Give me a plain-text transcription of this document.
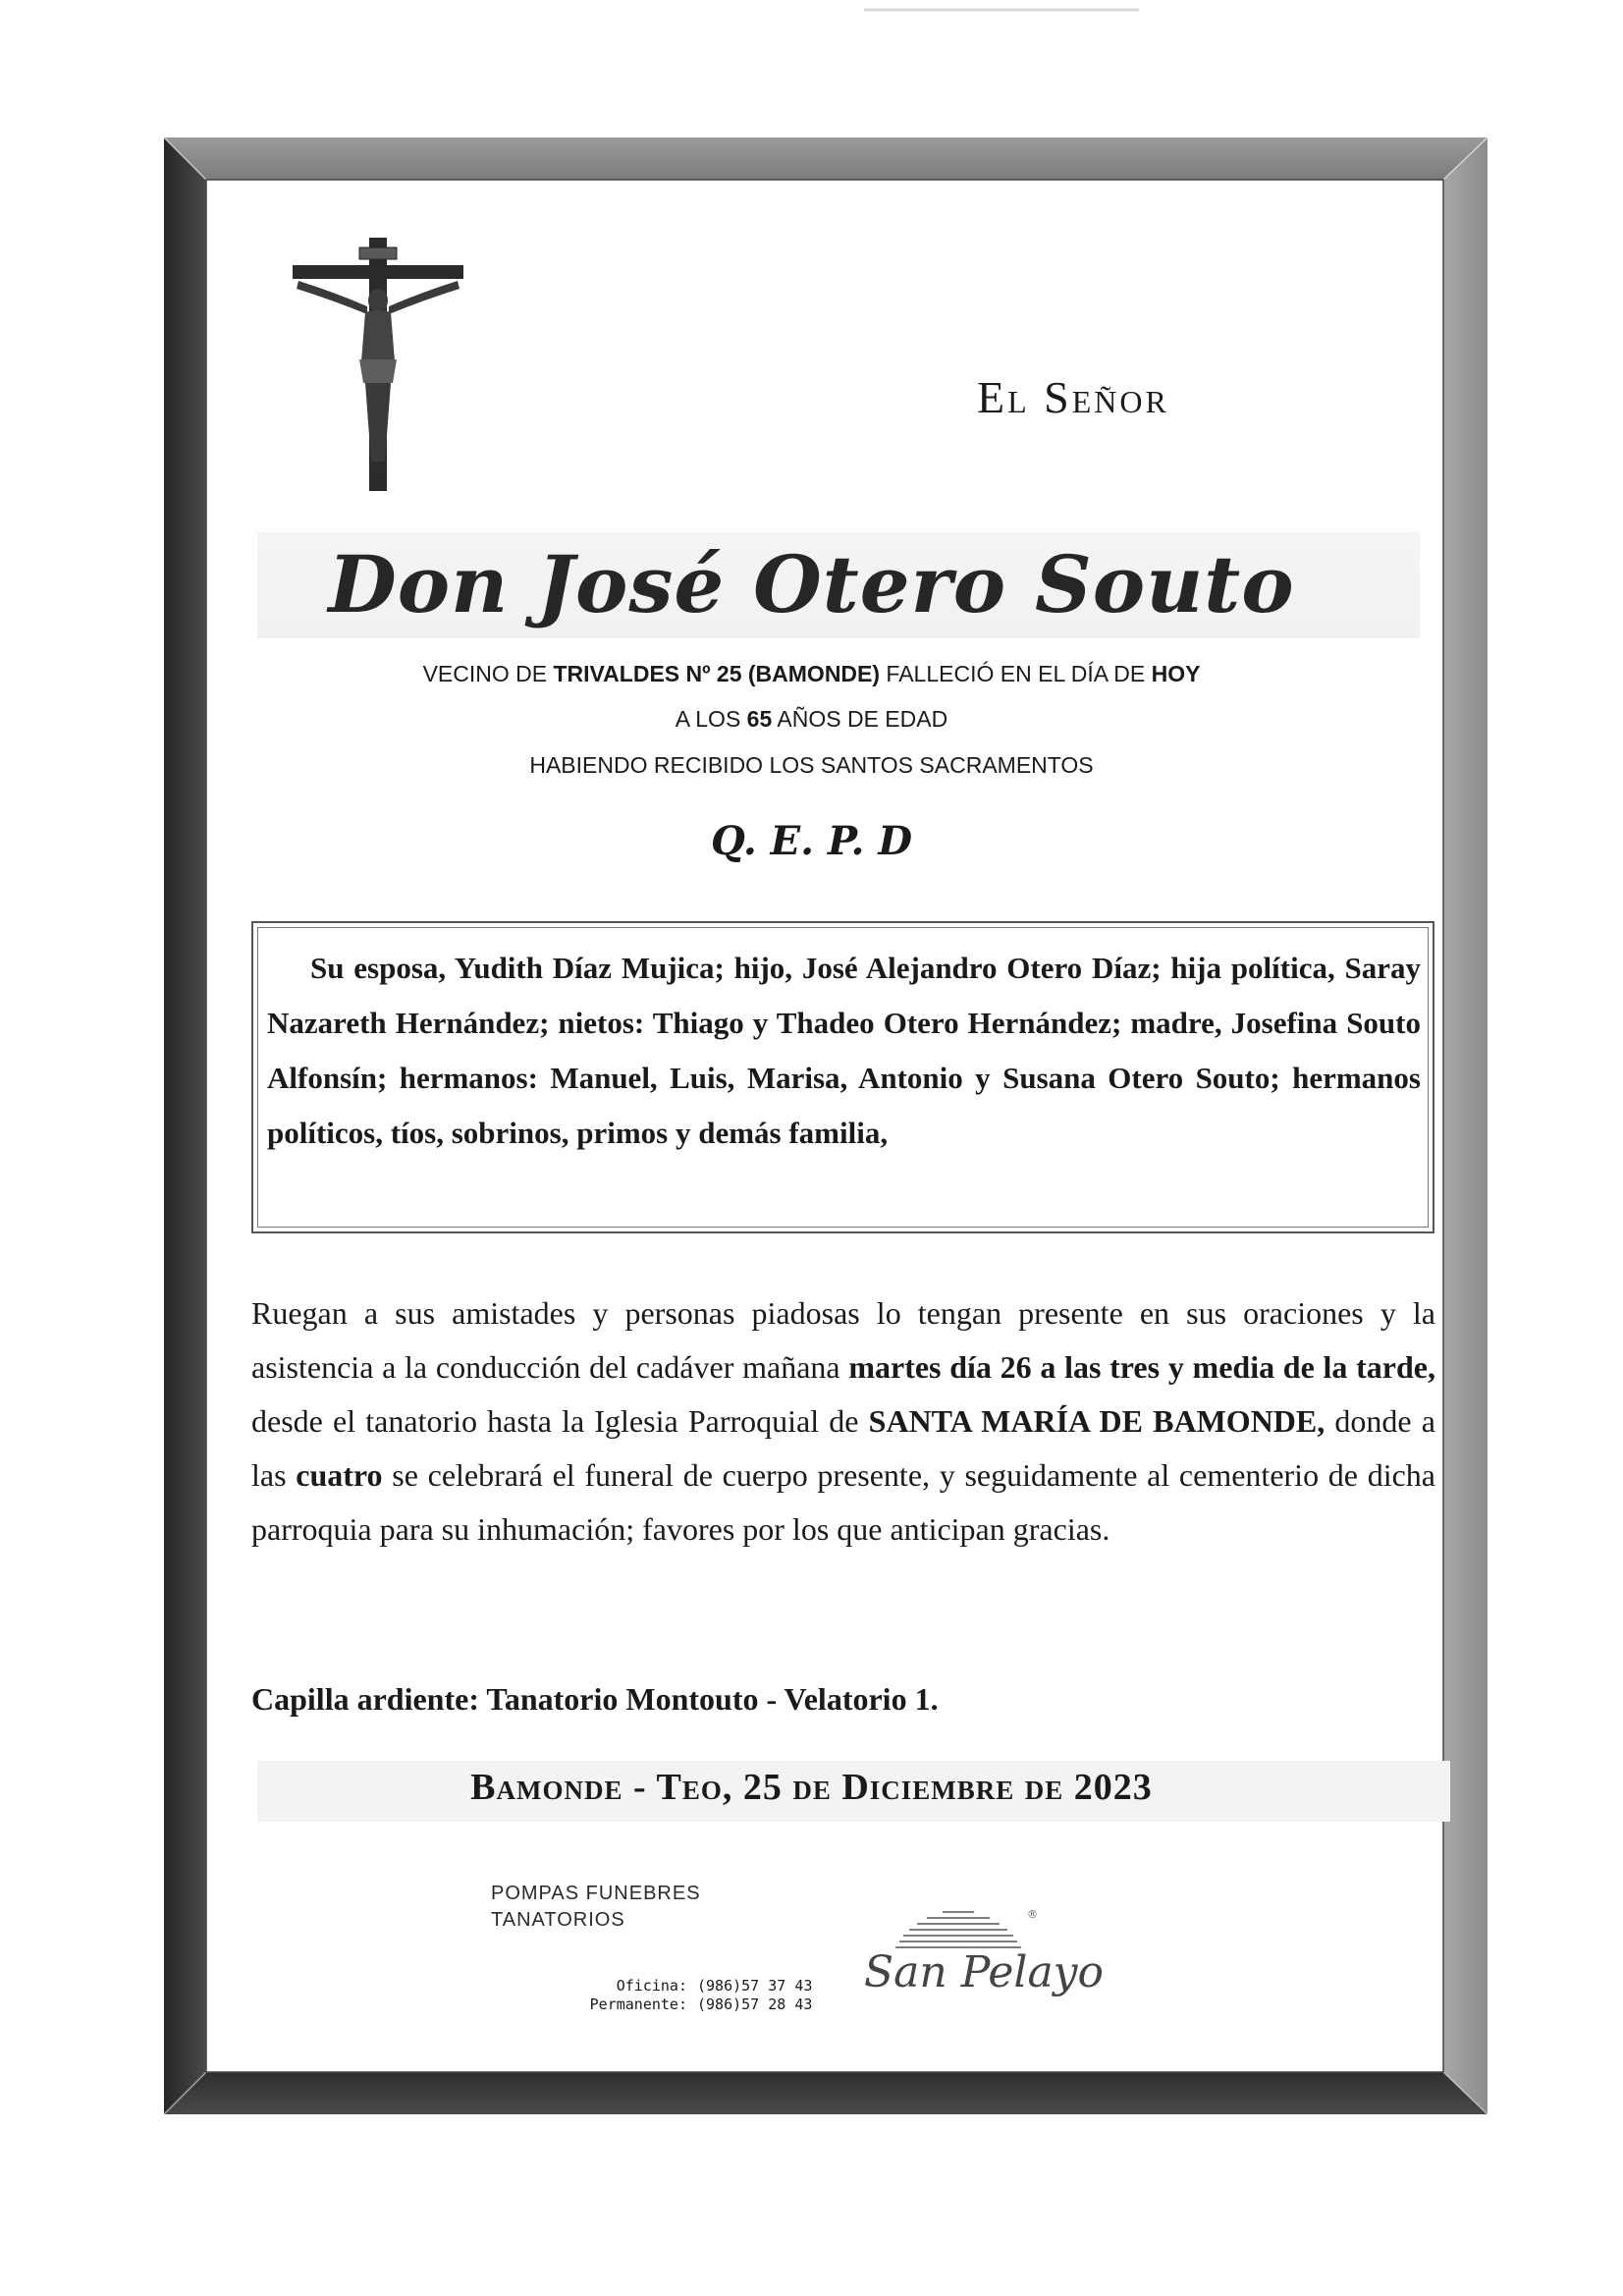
El Señor
Don José Otero Souto
VECINO DE TRIVALDES Nº 25 (BAMONDE) FALLECIÓ EN EL DÍA DE HOY
A LOS 65 AÑOS DE EDAD
HABIENDO RECIBIDO LOS SANTOS SACRAMENTOS
Q. E. P. D
Su esposa, Yudith Díaz Mujica; hijo, José Alejandro Otero Díaz; hija política, Saray Nazareth Hernández; nietos: Thiago y Thadeo Otero Hernández; madre, Josefina Souto Alfonsín; hermanos: Manuel, Luis, Marisa, Antonio y Susana Otero Souto; hermanos políticos, tíos, sobrinos, primos y demás familia,
Ruegan a sus amistades y personas piadosas lo tengan presente en sus oraciones y la asistencia a la conducción del cadáver mañana martes día 26 a las tres y media de la tarde, desde el tanatorio hasta la Iglesia Parroquial de SANTA MARÍA DE BAMONDE, donde a las cuatro se celebrará el funeral de cuerpo presente, y seguidamente al cementerio de dicha parroquia para su inhumación; favores por los que anticipan gracias.
Capilla ardiente: Tanatorio Montouto - Velatorio 1.
Bamonde - Teo, 25 de Diciembre de 2023
POMPAS FUNEBRES
TANATORIOS
Oficina: (986)57 37 43
Permanente: (986)57 28 43
®
San Pelayo
